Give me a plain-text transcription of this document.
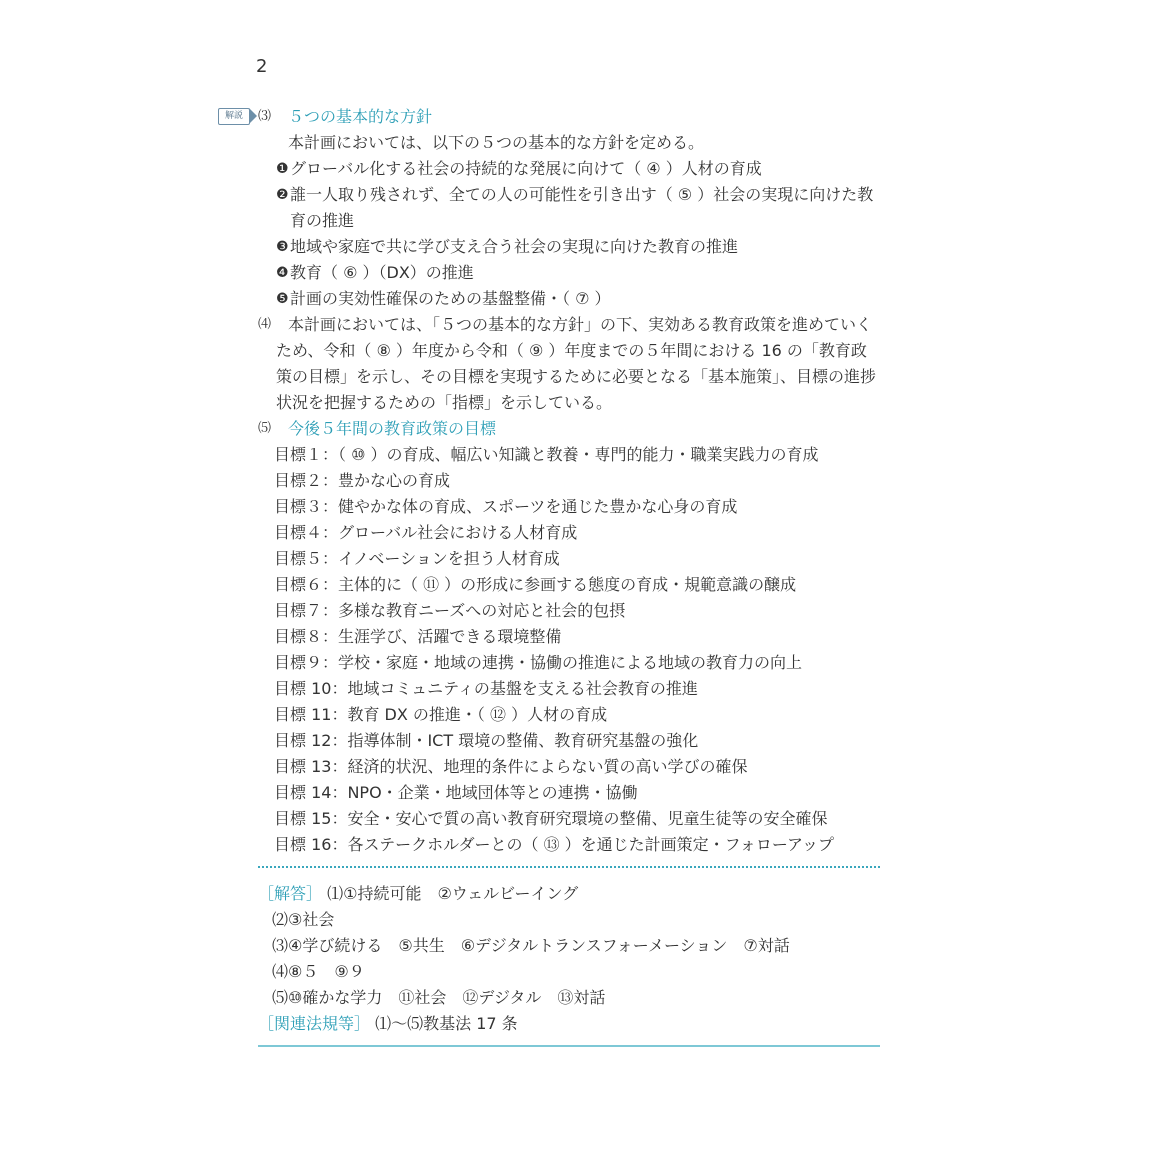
2
解説	⑶ ５つの基本的な方針
本計画においては、以下の５つの基本的な方針を定める。
❶ グローバル化する社会の持続的な発展に向けて（ ④ ）人材の育成
❷ 誰一人取り残されず、全ての人の可能性を引き出す（ ⑤ ）社会の実現に向けた教
育の推進
❸ 地域や家庭で共に学び支え合う社会の実現に向けた教育の推進
❹ 教育（ ⑥ ）（DX）の推進
❺ 計画の実効性確保のための基盤整備・（ ⑦ ）
⑷ 本計画においては、「５つの基本的な方針」の下、実効ある教育政策を進めていく
ため、令和（ ⑧ ）年度から令和（ ⑨ ）年度までの５年間における 16 の「教育政
策の目標」を示し、その目標を実現するために必要となる「基本施策」、目標の進捗
状況を把握するための「指標」を示している。
⑸ 今後５年間の教育政策の目標
目標１：（ ⑩ ）の育成、幅広い知識と教養・専門的能力・職業実践力の育成
目標２：豊かな心の育成
目標３：健やかな体の育成、スポーツを通じた豊かな心身の育成
目標４：グローバル社会における人材育成
目標５：イノベーションを担う人材育成
目標６：主体的に（ ⑪ ）の形成に参画する態度の育成・規範意識の醸成
目標７：多様な教育ニーズへの対応と社会的包摂
目標８：生涯学び、活躍できる環境整備
目標９：学校・家庭・地域の連携・協働の推進による地域の教育力の向上
目標 10：地域コミュニティの基盤を支える社会教育の推進
目標 11：教育 DX の推進・（ ⑫ ）人材の育成
目標 12：指導体制・ICT 環境の整備、教育研究基盤の強化
目標 13：経済的状況、地理的条件によらない質の高い学びの確保
目標 14：NPO・企業・地域団体等との連携・協働
目標 15：安全・安心で質の高い教育研究環境の整備、児童生徒等の安全確保
目標 16：各ステークホルダーとの（ ⑬ ）を通じた計画策定・フォローアップ
［解答］ ⑴①持続可能　②ウェルビーイング
⑵③社会
⑶④学び続ける　⑤共生　⑥デジタルトランスフォーメーション　⑦対話
⑷⑧５　⑨９
⑸⑩確かな学力　⑪社会　⑫デジタル　⑬対話
［関連法規等］ ⑴〜⑸教基法 17 条
